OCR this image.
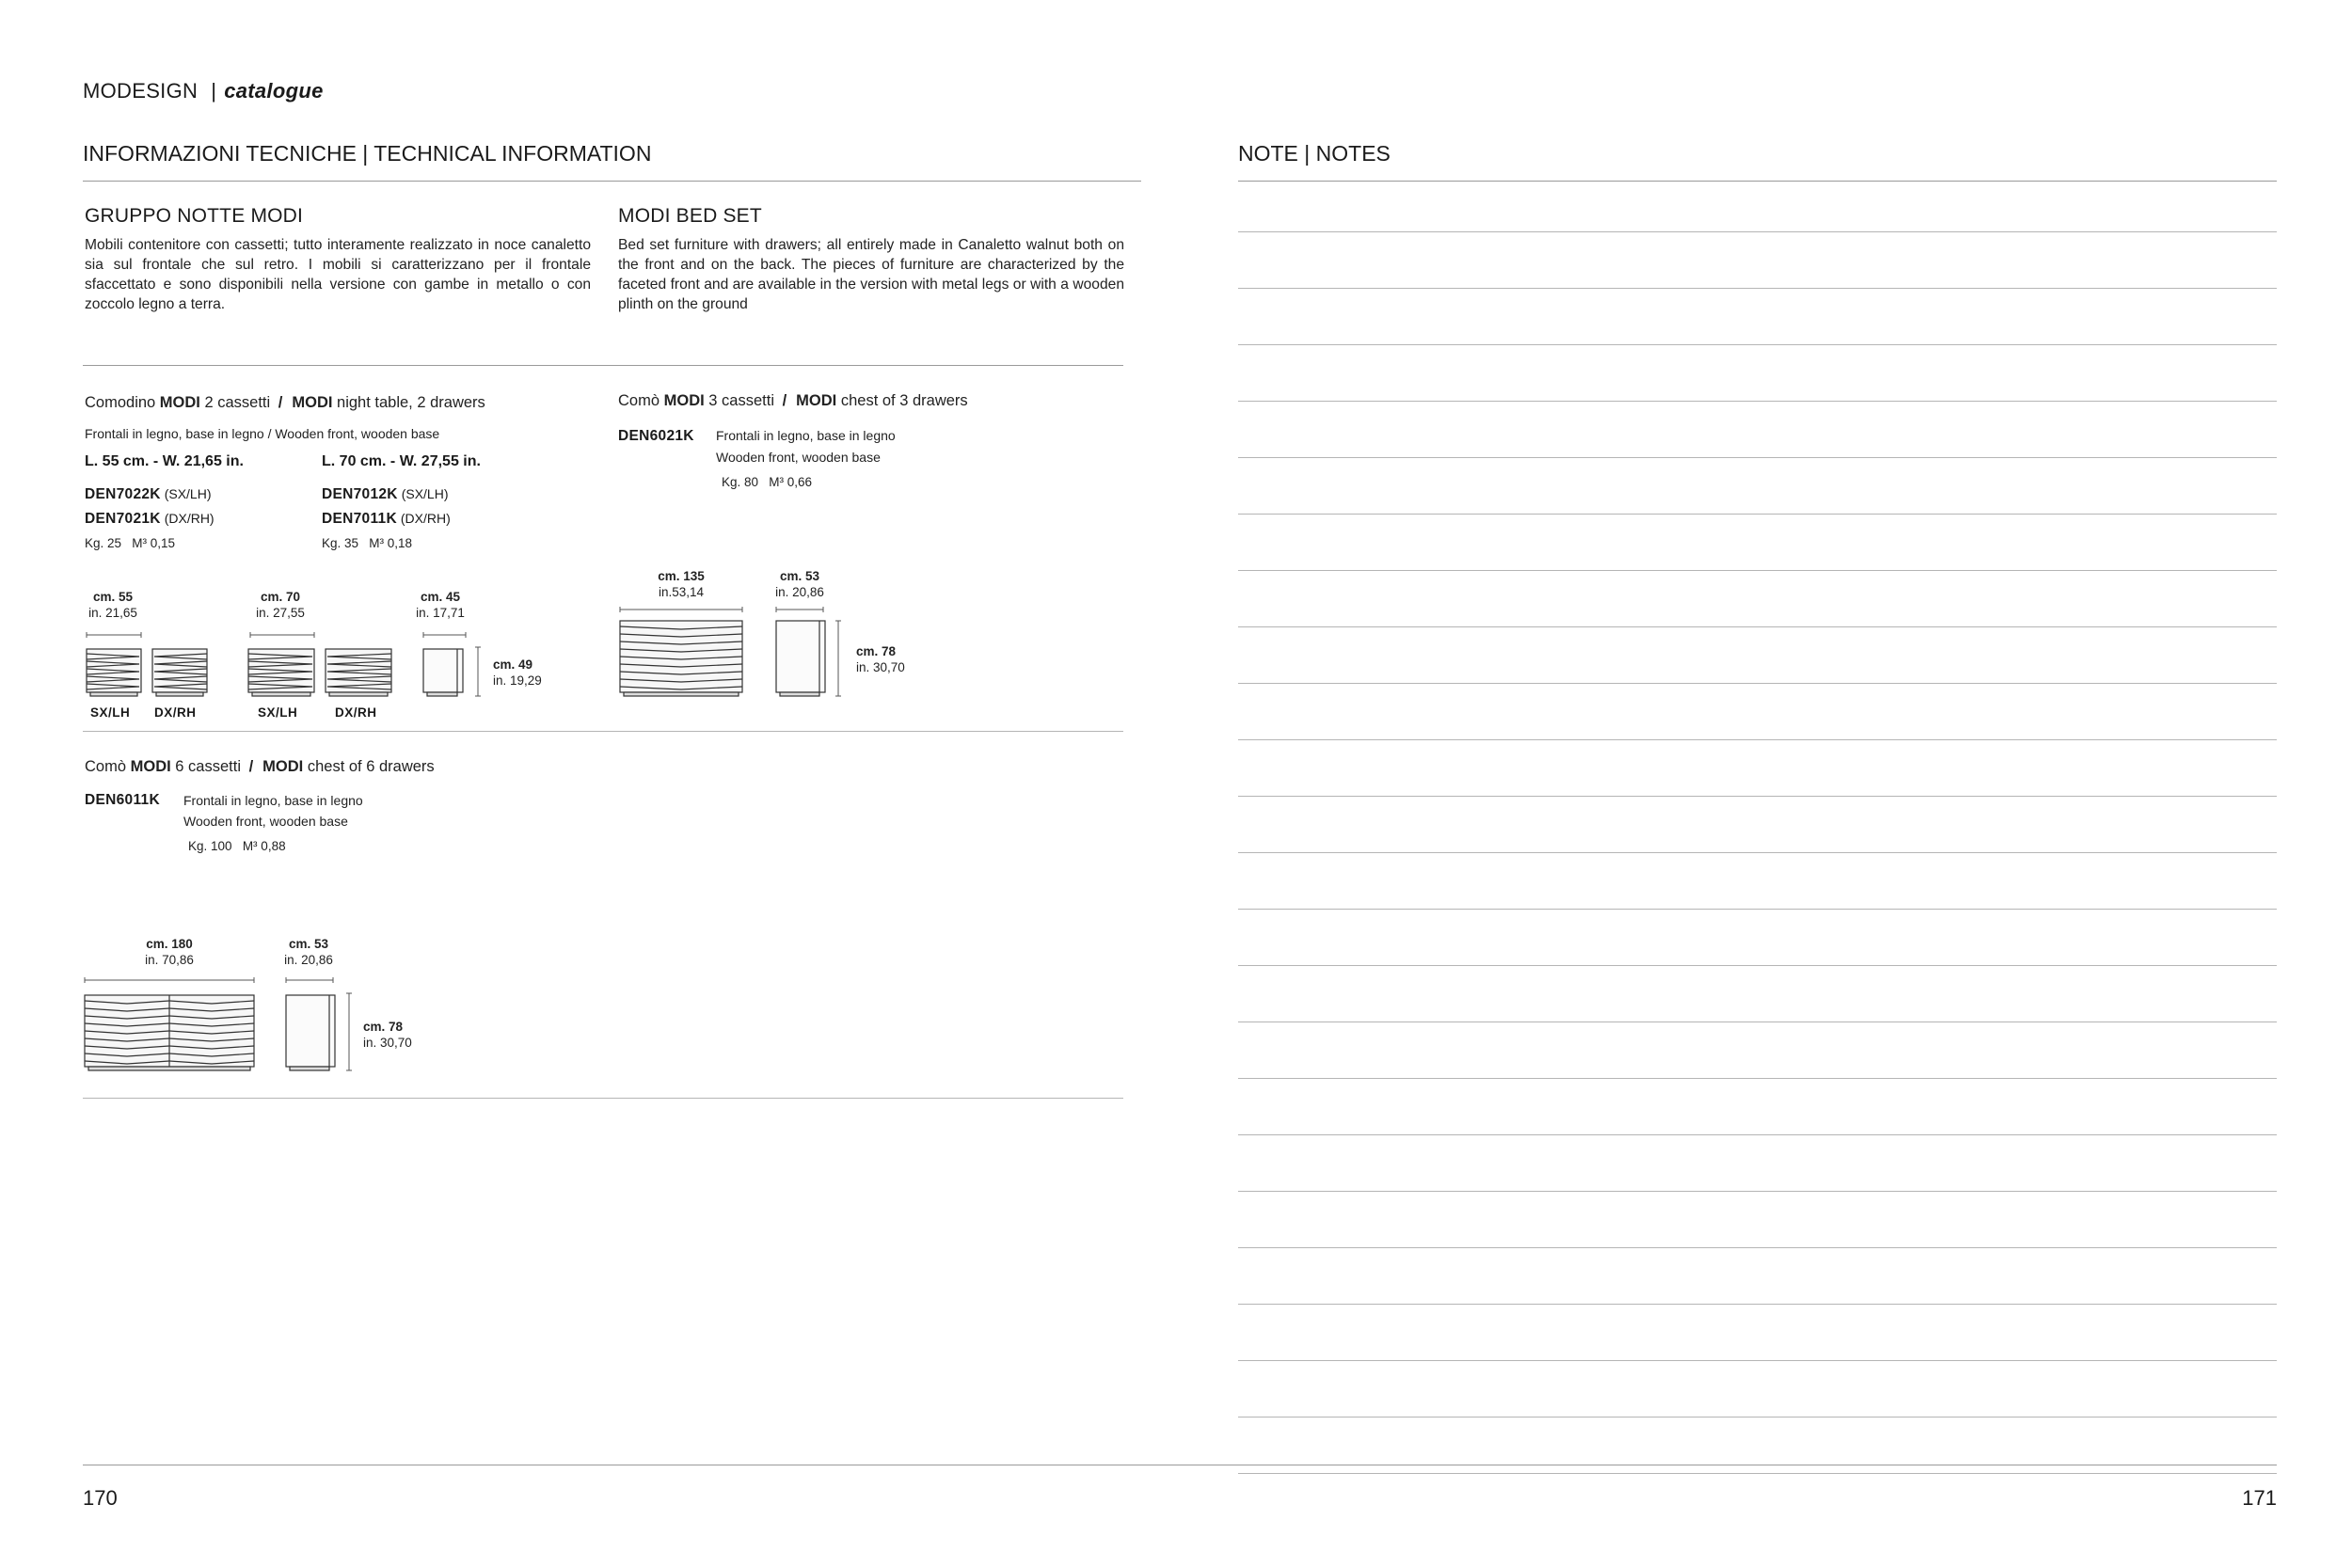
MODESIGN | catalogue
INFORMAZIONI TECNICHE | TECHNICAL INFORMATION	NOTE | NOTES
GRUPPO NOTTE MODI
Mobili contenitore con cassetti; tutto interamente realizzato in noce canaletto sia sul frontale che sul retro. I mobili si caratterizzano per il frontale sfaccettato e sono disponibili nella versione con gambe in metallo o con zoccolo legno a terra.
MODI BED SET
Bed set furniture with drawers; all entirely made in Canaletto walnut both on the front and on the back. The pieces of furniture are characterized by the faceted front and are available in the version with metal legs or with a wooden plinth on the ground
Comodino MODI 2 cassetti / MODI night table, 2 drawers
Frontali in legno, base in legno / Wooden front, wooden base
L. 55 cm. - W. 21,65 in.
DEN7022K (SX/LH)
DEN7021K (DX/RH)
Kg. 25 M³ 0,15
L. 70 cm. - W. 27,55 in.
DEN7012K (SX/LH)
DEN7011K (DX/RH)
Kg. 35 M³ 0,18
cm. 55
in. 21,65
cm. 70
in. 27,55
cm. 45
in. 17,71
cm. 49
in. 19,29
SX/LH DX/RH	SX/LH	DX/RH
Comò MODI 3 cassetti / MODI chest of 3 drawers
DEN6021K Frontali in legno, base in legno
Wooden front, wooden base
Kg. 80 M³ 0,66
cm. 135
in.53,14
cm. 53
in. 20,86
cm. 78
in. 30,70
Comò MODI 6 cassetti / MODI chest of 6 drawers
DEN6011K Frontali in legno, base in legno
Wooden front, wooden base
Kg. 100 M³ 0,88
cm. 180
in. 70,86
cm. 53
in. 20,86
cm. 78
in. 30,70
170	171
